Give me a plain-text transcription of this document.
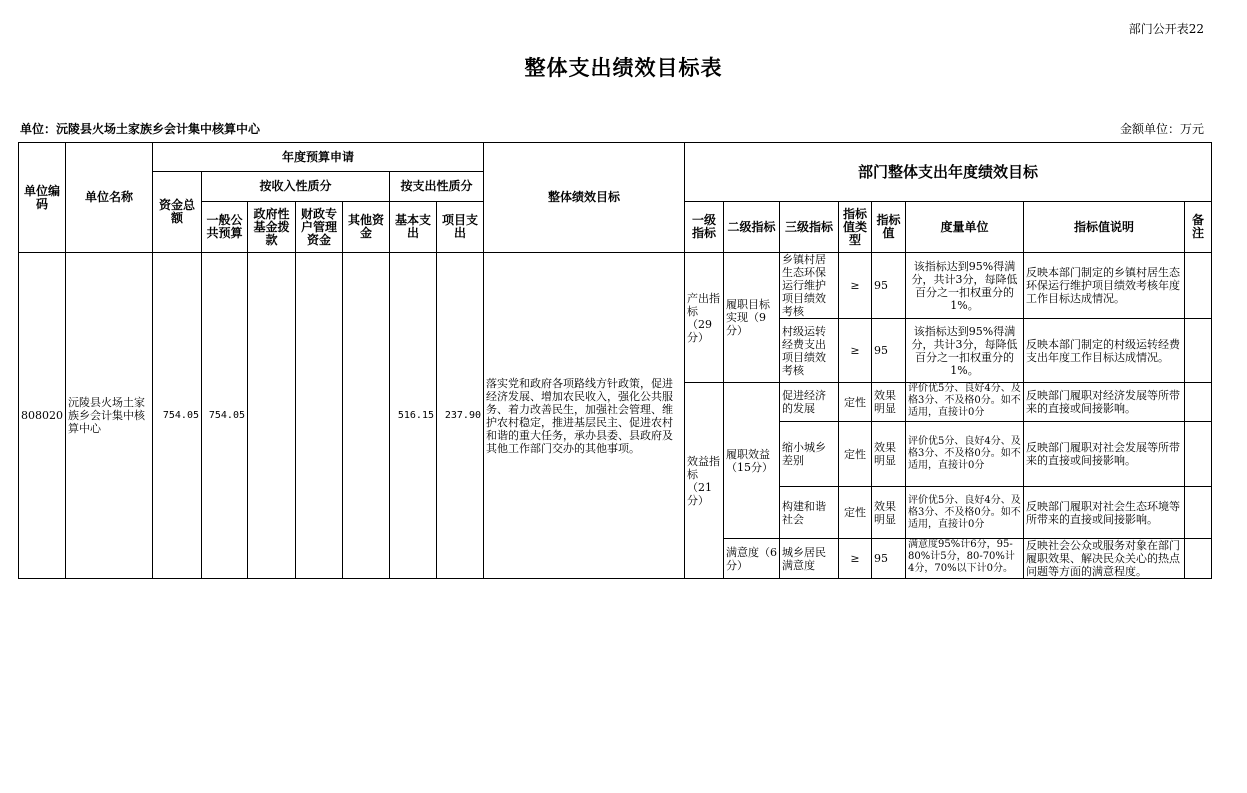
部门公开表22
整体支出绩效目标表
单位：沅陵县火场土家族乡会计集中核算中心	金额单位：万元
单位编码	单位名称	年度预算申请							整体绩效目标	部门整体支出年度绩效目标							
		资金总额	按收入性质分				按支出性质分										
			一般公共预算	政府性基金拨款	财政专户管理资金	其他资金	基本支出	项目支出		一级指标	二级指标	三级指标	指标值类型	指标值	度量单位	指标值说明	备注
808020	沅陵县火场土家族乡会计集中核算中心	754.05	754.05				516.15	237.90	落实党和政府各项路线方针政策，促进经济发展、增加农民收入，强化公共服务、着力改善民生，加强社会管理、维护农村稳定，推进基层民主、促进农村和谐的重大任务，承办县委、县政府及其他工作部门交办的其他事项。	产出指标（29分）	履职目标实现（9分）	乡镇村居生态环保运行维护项目绩效考核	≥	95	该指标达到95%得满分，共计3分，每降低百分之一扣权重分的1%。	反映本部门制定的乡镇村居生态环保运行维护项目绩效考核年度工作目标达成情况。	
												村级运转经费支出项目绩效考核	≥	95	该指标达到95%得满分，共计3分，每降低百分之一扣权重分的1%。	反映本部门制定的村级运转经费支出年度工作目标达成情况。	
										效益指标（21分）	履职效益（15分）	促进经济的发展	定性	效果明显	评价优5分、良好4分、及格3分、不及格0分。如不适用，直接计0分	反映部门履职对经济发展等所带来的直接或间接影响。	
												缩小城乡差别	定性	效果明显	评价优5分、良好4分、及格3分、不及格0分。如不适用，直接计0分	反映部门履职对社会发展等所带来的直接或间接影响。	
												构建和谐社会	定性	效果明显	评价优5分、良好4分、及格3分、不及格0分。如不适用，直接计0分	反映部门履职对社会生态环境等所带来的直接或间接影响。	
											满意度（6分）	城乡居民满意度	≥	95	满意度95%计6分，95-80%计5分，80-70%计4分，70%以下计0分。	反映社会公众或服务对象在部门履职效果、解决民众关心的热点问题等方面的满意程度。	
